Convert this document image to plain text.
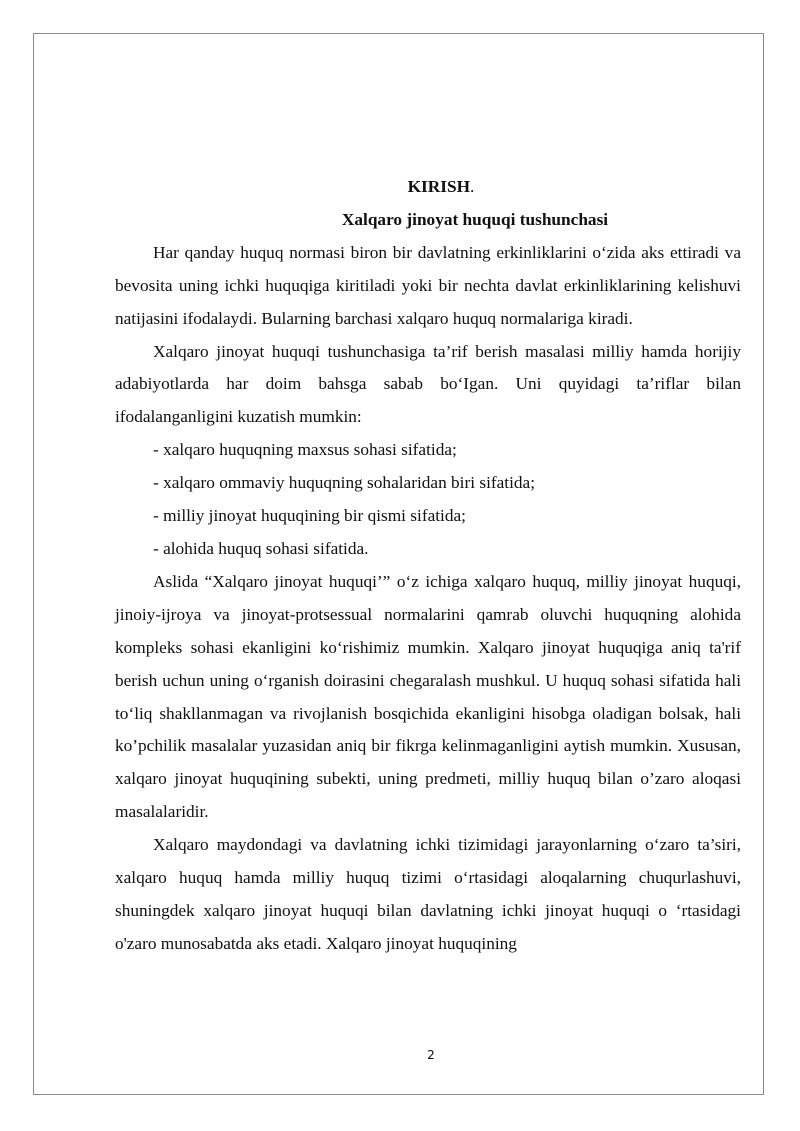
KIRISH.

Xalqaro jinoyat huquqi tushunchasi

Har qanday huquq normasi biron bir davlatning erkinliklarini o‘zida aks ettiradi va bevosita uning ichki huquqiga kiritiladi yoki bir nechta davlat erkinliklarining kelishuvi natijasini ifodalaydi. Bularning barchasi xalqaro huquq normalariga kiradi.

Xalqaro jinoyat huquqi tushunchasiga ta’rif berish masalasi milliy hamda horijiy adabiyotlarda har doim bahsga sabab bo‘Igan. Uni quyidagi ta’riflar bilan ifodalanganligini kuzatish mumkin:

- xalqaro huquqning maxsus sohasi sifatida;

- xalqaro ommaviy huquqning sohalaridan biri sifatida;

- milliy jinoyat huquqining bir qismi sifatida;

- alohida huquq sohasi sifatida.

Aslida “Xalqaro jinoyat huquqi’” o‘z ichiga xalqaro huquq, milliy jinoyat huquqi, jinoiy-ijroya va jinoyat-protsessual normalarini qamrab oluvchi huquqning alohida kompleks sohasi ekanligini ko‘rishimiz mumkin. Xalqaro jinoyat huquqiga aniq ta'rif berish uchun uning o‘rganish doirasini chegaralash mushkul. U huquq sohasi sifatida hali to‘liq shakllanmagan va rivojlanish bosqichida ekanligini hisobga oladigan bolsak, hali ko’pchilik masalalar yuzasidan aniq bir fikrga kelinmaganligini aytish mumkin. Xususan, xalqaro jinoyat huquqining subekti, uning predmeti, milliy huquq bilan o’zaro aloqasi masalalaridir.

Xalqaro maydondagi va davlatning ichki tizimidagi jarayonlarning o‘zaro ta’siri, xalqaro huquq hamda milliy huquq tizimi o‘rtasidagi aloqalarning chuqurlashuvi, shuningdek xalqaro jinoyat huquqi bilan davlatning ichki jinoyat huquqi o ‘rtasidagi o'zaro munosabatda aks etadi. Xalqaro jinoyat huquqining

2
